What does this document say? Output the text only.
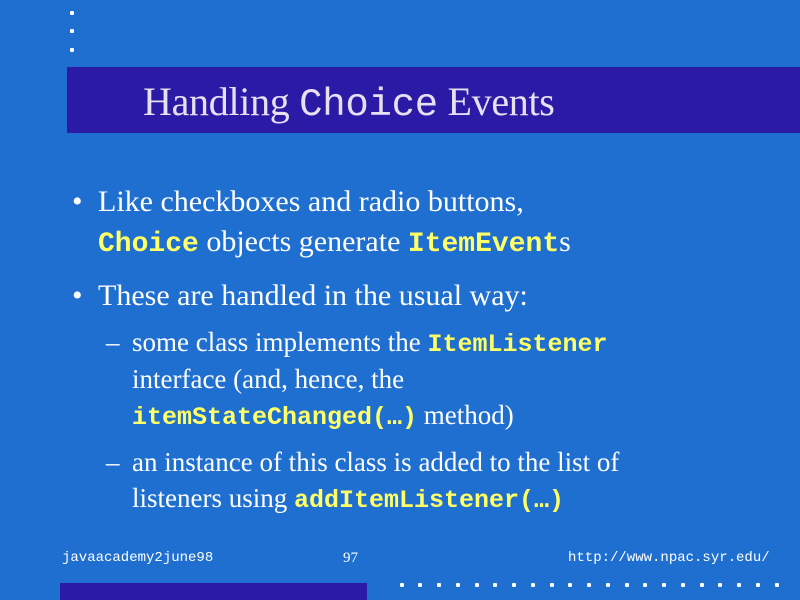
Handling Choice Events
• Like checkboxes and radio buttons,
Choice objects generate ItemEvents
• These are handled in the usual way:
– some class implements the ItemListener
interface (and, hence, the
itemStateChanged(…) method)
– an instance of this class is added to the list of
listeners using addItemListener(…)
javaacademy2june98	97	http://www.npac.syr.edu/
